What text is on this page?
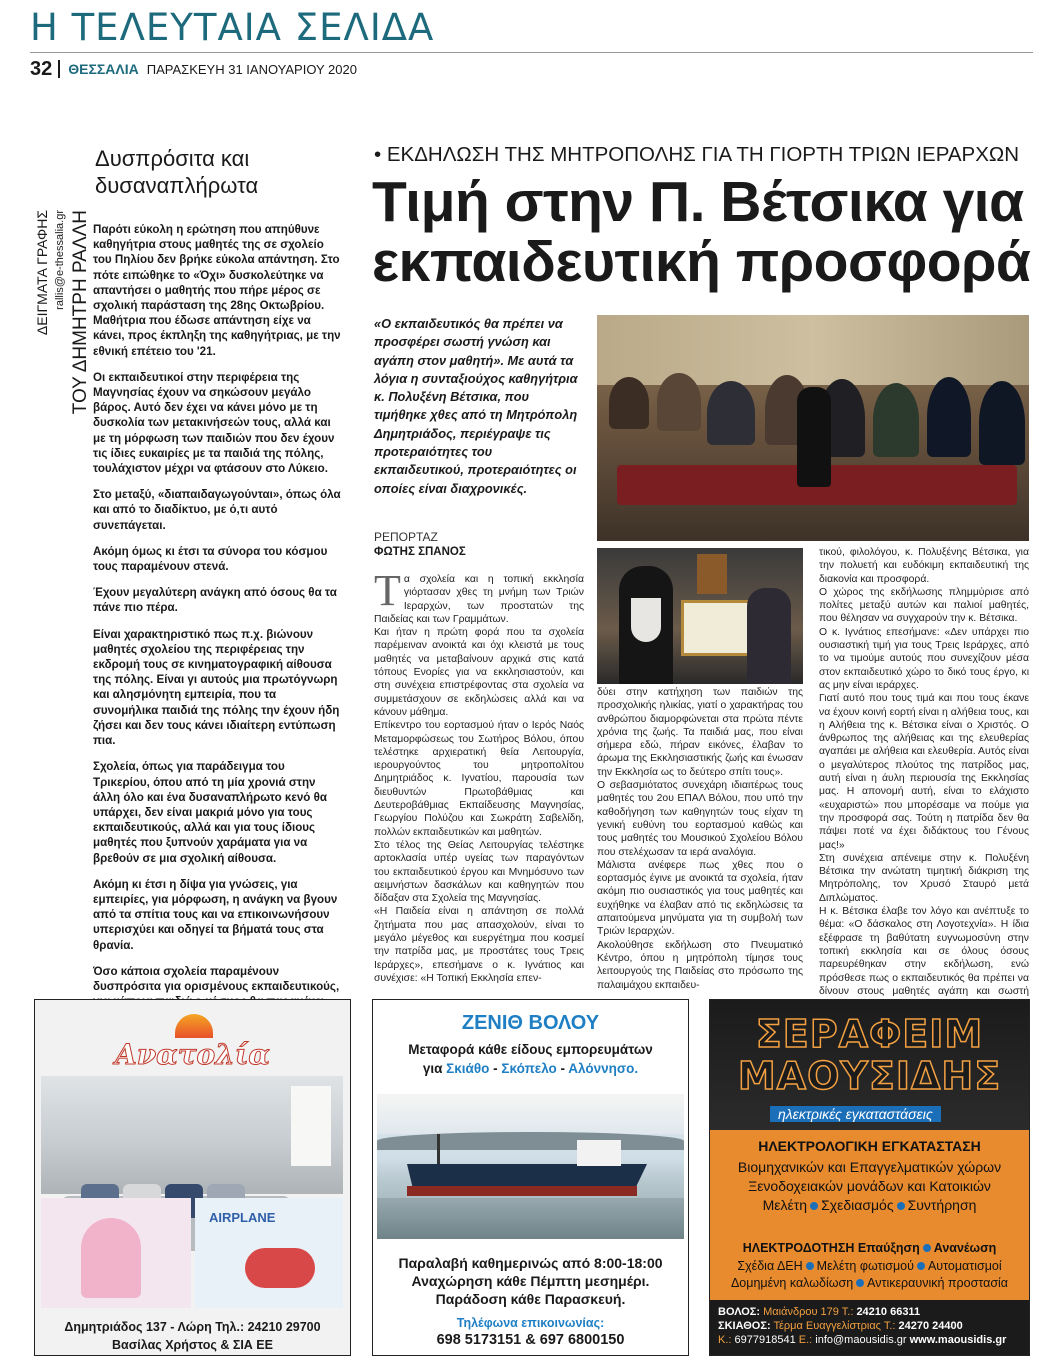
Η ΤΕΛΕΥΤΑΙΑ ΣΕΛΙΔΑ
32	ΘΕΣΣΑΛΙΑ ΠΑΡΑΣΚΕΥΗ 31 ΙΑΝΟΥΑΡΙΟΥ 2020
Δυσπρόσιτα και δυσαναπλήρωτα
ΔΕΙΓΜΑΤΑ ΓΡΑΦΗΣ rallis@e-thessalia.gr ΤΟΥ ΔΗΜΗΤΡΗ ΡΑΛΛΗ Παρότι εύκολη η ερώτηση που απηύθυνε καθηγήτρια στους μαθητές της σε σχολείο του Πηλίου δεν βρήκε εύκολα απάντηση. Στο πότε ειπώθηκε το «Όχι» δυσκολεύτηκε να απαντήσει ο μαθητής που πήρε μέρος σε σχολική παράσταση της 28ης Οκτωβρίου. Μαθήτρια που έδωσε απάντηση είχε να κάνει, προς έκπληξη της καθηγήτριας, με την εθνική επέτειο του '21.

Οι εκπαιδευτικοί στην περιφέρεια της Μαγνησίας έχουν να σηκώσουν μεγάλο βάρος. Αυτό δεν έχει να κάνει μόνο με τη δυσκολία των μετακινήσεών τους, αλλά και με τη μόρφωση των παιδιών που δεν έχουν τις ίδιες ευκαιρίες με τα παιδιά της πόλης, τουλάχιστον μέχρι να φτάσουν στο Λύκειο.

Στο μεταξύ, «διαπαιδαγωγούνται», όπως όλα και από το διαδίκτυο, με ό,τι αυτό συνεπάγεται.

Ακόμη όμως κι έτσι τα σύνορα του κόσμου τους παραμένουν στενά.

Έχουν μεγαλύτερη ανάγκη από όσους θα τα πάνε πιο πέρα.

Είναι χαρακτηριστικό πως π.χ. βιώνουν μαθητές σχολείου της περιφέρειας την εκδρομή τους σε κινηματογραφική αίθουσα της πόλης. Είναι γι αυτούς μια πρωτόγνωρη και αλησμόνητη εμπειρία, που τα συνομήλικα παιδιά της πόλης την έχουν ήδη ζήσει και δεν τους κάνει ιδιαίτερη εντύπωση πια.

Σχολεία, όπως για παράδειγμα του Τρικερίου, όπου από τη μία χρονιά στην άλλη όλο και ένα δυσαναπλήρωτο κενό θα υπάρχει, δεν είναι μακριά μόνο για τους εκπαιδευτικούς, αλλά και για τους ίδιους μαθητές που ξυπνούν χαράματα για να βρεθούν σε μια σχολική αίθουσα.

Ακόμη κι έτσι η δίψα για γνώσεις, για εμπειρίες, για μόρφωση, η ανάγκη να βγουν από τα σπίτια τους και να επικοινωνήσουν υπερισχύει και οδηγεί τα βήματά τους στα θρανία.

Όσο κάποια σχολεία παραμένουν δυσπρόσιτα για ορισμένους εκπαιδευτικούς,

• ΕΚΔΗΛΩΣΗ ΤΗΣ ΜΗΤΡΟΠΟΛΗΣ ΓΙΑ ΤΗ ΓΙΟΡΤΗ ΤΡΙΩΝ ΙΕΡΑΡΧΩΝ
Τιμή στην Π. Βέτσικα για εκπαιδευτική προσφορά
«Ο εκπαιδευτικός θα πρέπει να προσφέρει σωστή γνώση και αγάπη στον μαθητή». Με αυτά τα λόγια η συνταξιούχος καθηγήτρια κ. Πολυξένη Βέτσικα, που τιμήθηκε χθες από τη Μητρόπολη Δημητριάδος, περιέγραψε τις προτεραιότητες του εκπαιδευτικού, προτεραιότητες οι οποίες είναι διαχρονικές.
ΡΕΠΟΡΤΑΖ
ΦΩΤΗΣ ΣΠΑΝΟΣ

Τα σχολεία και η τοπική εκκλησία γιόρτασαν χθες τη μνήμη των Τριών Ιεραρχών, των προστατών της Παιδείας και των Γραμμάτων.

Και ήταν η πρώτη φορά που τα σχολεία παρέμειναν ανοικτά και όχι κλειστά με τους μαθητές να μεταβαίνουν αρχικά στις κατά τόπους Ενορίες για να εκκλησιαστούν, και στη συνέχεια επιστρέφοντας στα σχολεία να συμμετάσχουν σε εκδηλώσεις αλλά και να κάνουν μάθημα.

Επίκεντρο του εορτασμού ήταν ο Ιερός Ναός Μεταμορφώσεως του Σωτήρος Βόλου, όπου τελέστηκε αρχιερατική θεία Λειτουργία, ιερουργούντος του μητροπολίτου Δημητριάδος κ. Ιγνατίου, παρουσία των διευθυντών Πρωτοβάθμιας και Δευτεροβάθμιας Εκπαίδευσης Μαγνησίας, Γεωργίου Πολύζου και Σωκράτη Σαβελίδη, πολλών εκπαιδευτικών και μαθητών.

Στο τέλος της Θείας Λειτουργίας τελέστηκε αρτοκλασία υπέρ υγείας των παραγόντων του εκπαιδευτικού έργου και Μνημόσυνο των αειμνήστων δασκάλων και καθηγητών που δίδαξαν στα Σχολεία της Μαγνησίας.

«Η Παιδεία είναι η απάντηση σε πολλά ζητήματα που μας απασχολούν, είναι το μεγάλο μέγεθος και ευεργέτημα που κοσμεί την πατρίδα μας, με προστάτες τους Τρεις Ιεράρχες», επεσήμανε ο κ. Ιγνάτιος και συνέχισε: «Η Τοπική Εκκλησία επεν-

δύει στην κατήχηση των παιδιών της προσχολικής ηλικίας, γιατί ο χαρακτήρας του ανθρώπου διαμορφώνεται στα πρώτα πέντε χρόνια της ζωής. Τα παιδιά μας, που είναι σήμερα εδώ, πήραν εικόνες, έλαβαν το άρωμα της Εκκλησιαστικής ζωής και ένωσαν την Εκκλησία ως το δεύτερο σπίτι τους».

Ο σεβασμιότατος συνεχάρη ιδιαιτέρως τους μαθητές του 2ου ΕΠΑΛ Βόλου, που υπό την καθοδήγηση των καθηγητών τους είχαν τη γενική ευθύνη του εορτασμού καθώς και τους μαθητές του Μουσικού Σχολείου Βόλου που στελέχωσαν τα ιερά αναλόγια.

Μάλιστα ανέφερε πως χθες που ο εορτασμός έγινε με ανοικτά τα σχολεία, ήταν ακόμη πιο ουσιαστικός για τους μαθητές και ευχήθηκε να έλαβαν από τις εκδηλώσεις τα απαιτούμενα μηνύματα για τη συμβολή των Τριών Ιεραρχών.

Ακολούθησε εκδήλωση στο Πνευματικό Κέντρο, όπου η μητρόπολη τίμησε τους λειτουργούς της Παιδείας στο πρόσωπο της παλαιμάχου εκπαιδευ-

τικού, φιλολόγου, κ. Πολυξένης Βέτσικα, για την πολυετή και ευδόκιμη εκπαιδευτική της διακονία και προσφορά.

Ο χώρος της εκδήλωσης πλημμύρισε από πολίτες μεταξύ αυτών και παλιοί μαθητές, που θέλησαν να συγχαρούν την κ. Βέτσικα.

Ο κ. Ιγνάτιος επεσήμανε: «Δεν υπάρχει πιο ουσιαστική τιμή για τους Τρεις Ιεράρχες, από το να τιμούμε αυτούς που συνεχίζουν μέσα στον εκπαιδευτικό χώρο το δικό τους έργο, κι ας μην είναι ιεράρχες.

Γιατί αυτό που τους τιμά και που τους έκανε να έχουν κοινή εορτή είναι η αλήθεια τους, και η Αλήθεια της κ. Βέτσικα είναι ο Χριστός. Ο άνθρωπος της αλήθειας και της ελευθερίας αγαπάει με αλήθεια και ελευθερία. Αυτός είναι ο μεγαλύτερος πλούτος της πατρίδος μας, αυτή είναι η άυλη περιουσία της Εκκλησίας μας. Η απονομή αυτή, είναι το ελάχιστο «ευχαριστώ» που μπορέσαμε να πούμε για την προσφορά σας. Τούτη η πατρίδα δεν θα πάψει ποτέ να έχει διδάκτους του Γένους μας!»

Στη συνέχεια απένειμε στην κ. Πολυξένη Βέτσικα την ανώτατη τιμητική διάκριση της Μητρόπολης, τον Χρυσό Σταυρό μετά Διπλώματος.

Η κ. Βέτσικα έλαβε τον λόγο και ανέπτυξε το θέμα: «Ο δάσκαλος στη Λογοτεχνία». Η ίδια εξέφρασε τη βαθύτατη ευγνωμοσύνη στην τοπική εκκλησία και σε όλους όσους παρευρέθηκαν στην εκδήλωση, ενώ πρόσθεσε πως ο εκπαιδευτικός θα πρέπει να δίνουν στους μαθητές αγάπη και σωστή

Ανατολία
AIRPLANE
Δημητριάδος 137 - Λώρη Τηλ.: 24210 29700
Βασίλας Χρήστος & ΣΙΑ ΕΕ
ΖΕΝΙΘ ΒΟΛΟΥ
Μεταφορά κάθε είδους εμπορευμάτων
για Σκιάθο - Σκόπελο - Αλόννησο.
Παραλαβή καθημερινώς από 8:00-18:00
Αναχώρηση κάθε Πέμπτη μεσημέρι.
Παράδοση κάθε Παρασκευή.
Τηλέφωνα επικοινωνίας:
698 5173151 & 697 6800150
ΣΕΡΑΦΕΙΜ
ΜΑΟΥΣΙΔΗΣ
ηλεκτρικές εγκαταστάσεις
ΗΛΕΚΤΡΟΛΟΓΙΚΗ ΕΓΚΑΤΑΣΤΑΣΗ
Βιομηχανικών και Επαγγελματικών χώρων
Ξενοδοχειακών μονάδων και Κατοικιών
Μελέτη Σχεδιασμός Συντήρηση
ΗΛΕΚΤΡΟΔΟΤΗΣΗ Επαύξηση Ανανέωση
Σχέδια ΔΕΗ Μελέτη φωτισμού Αυτοματισμοί
Δομημένη καλωδίωση Αντικεραυνική προστασία
ΒΟΛΟΣ: Μαιάνδρου 179 Τ.: 24210 66311
ΣΚΙΑΘΟΣ: Τέρμα Ευαγγελίστριας Τ.: 24270 24400
Κ.: 6977918541 Ε.: info@maousidis.gr www.maousidis.gr
